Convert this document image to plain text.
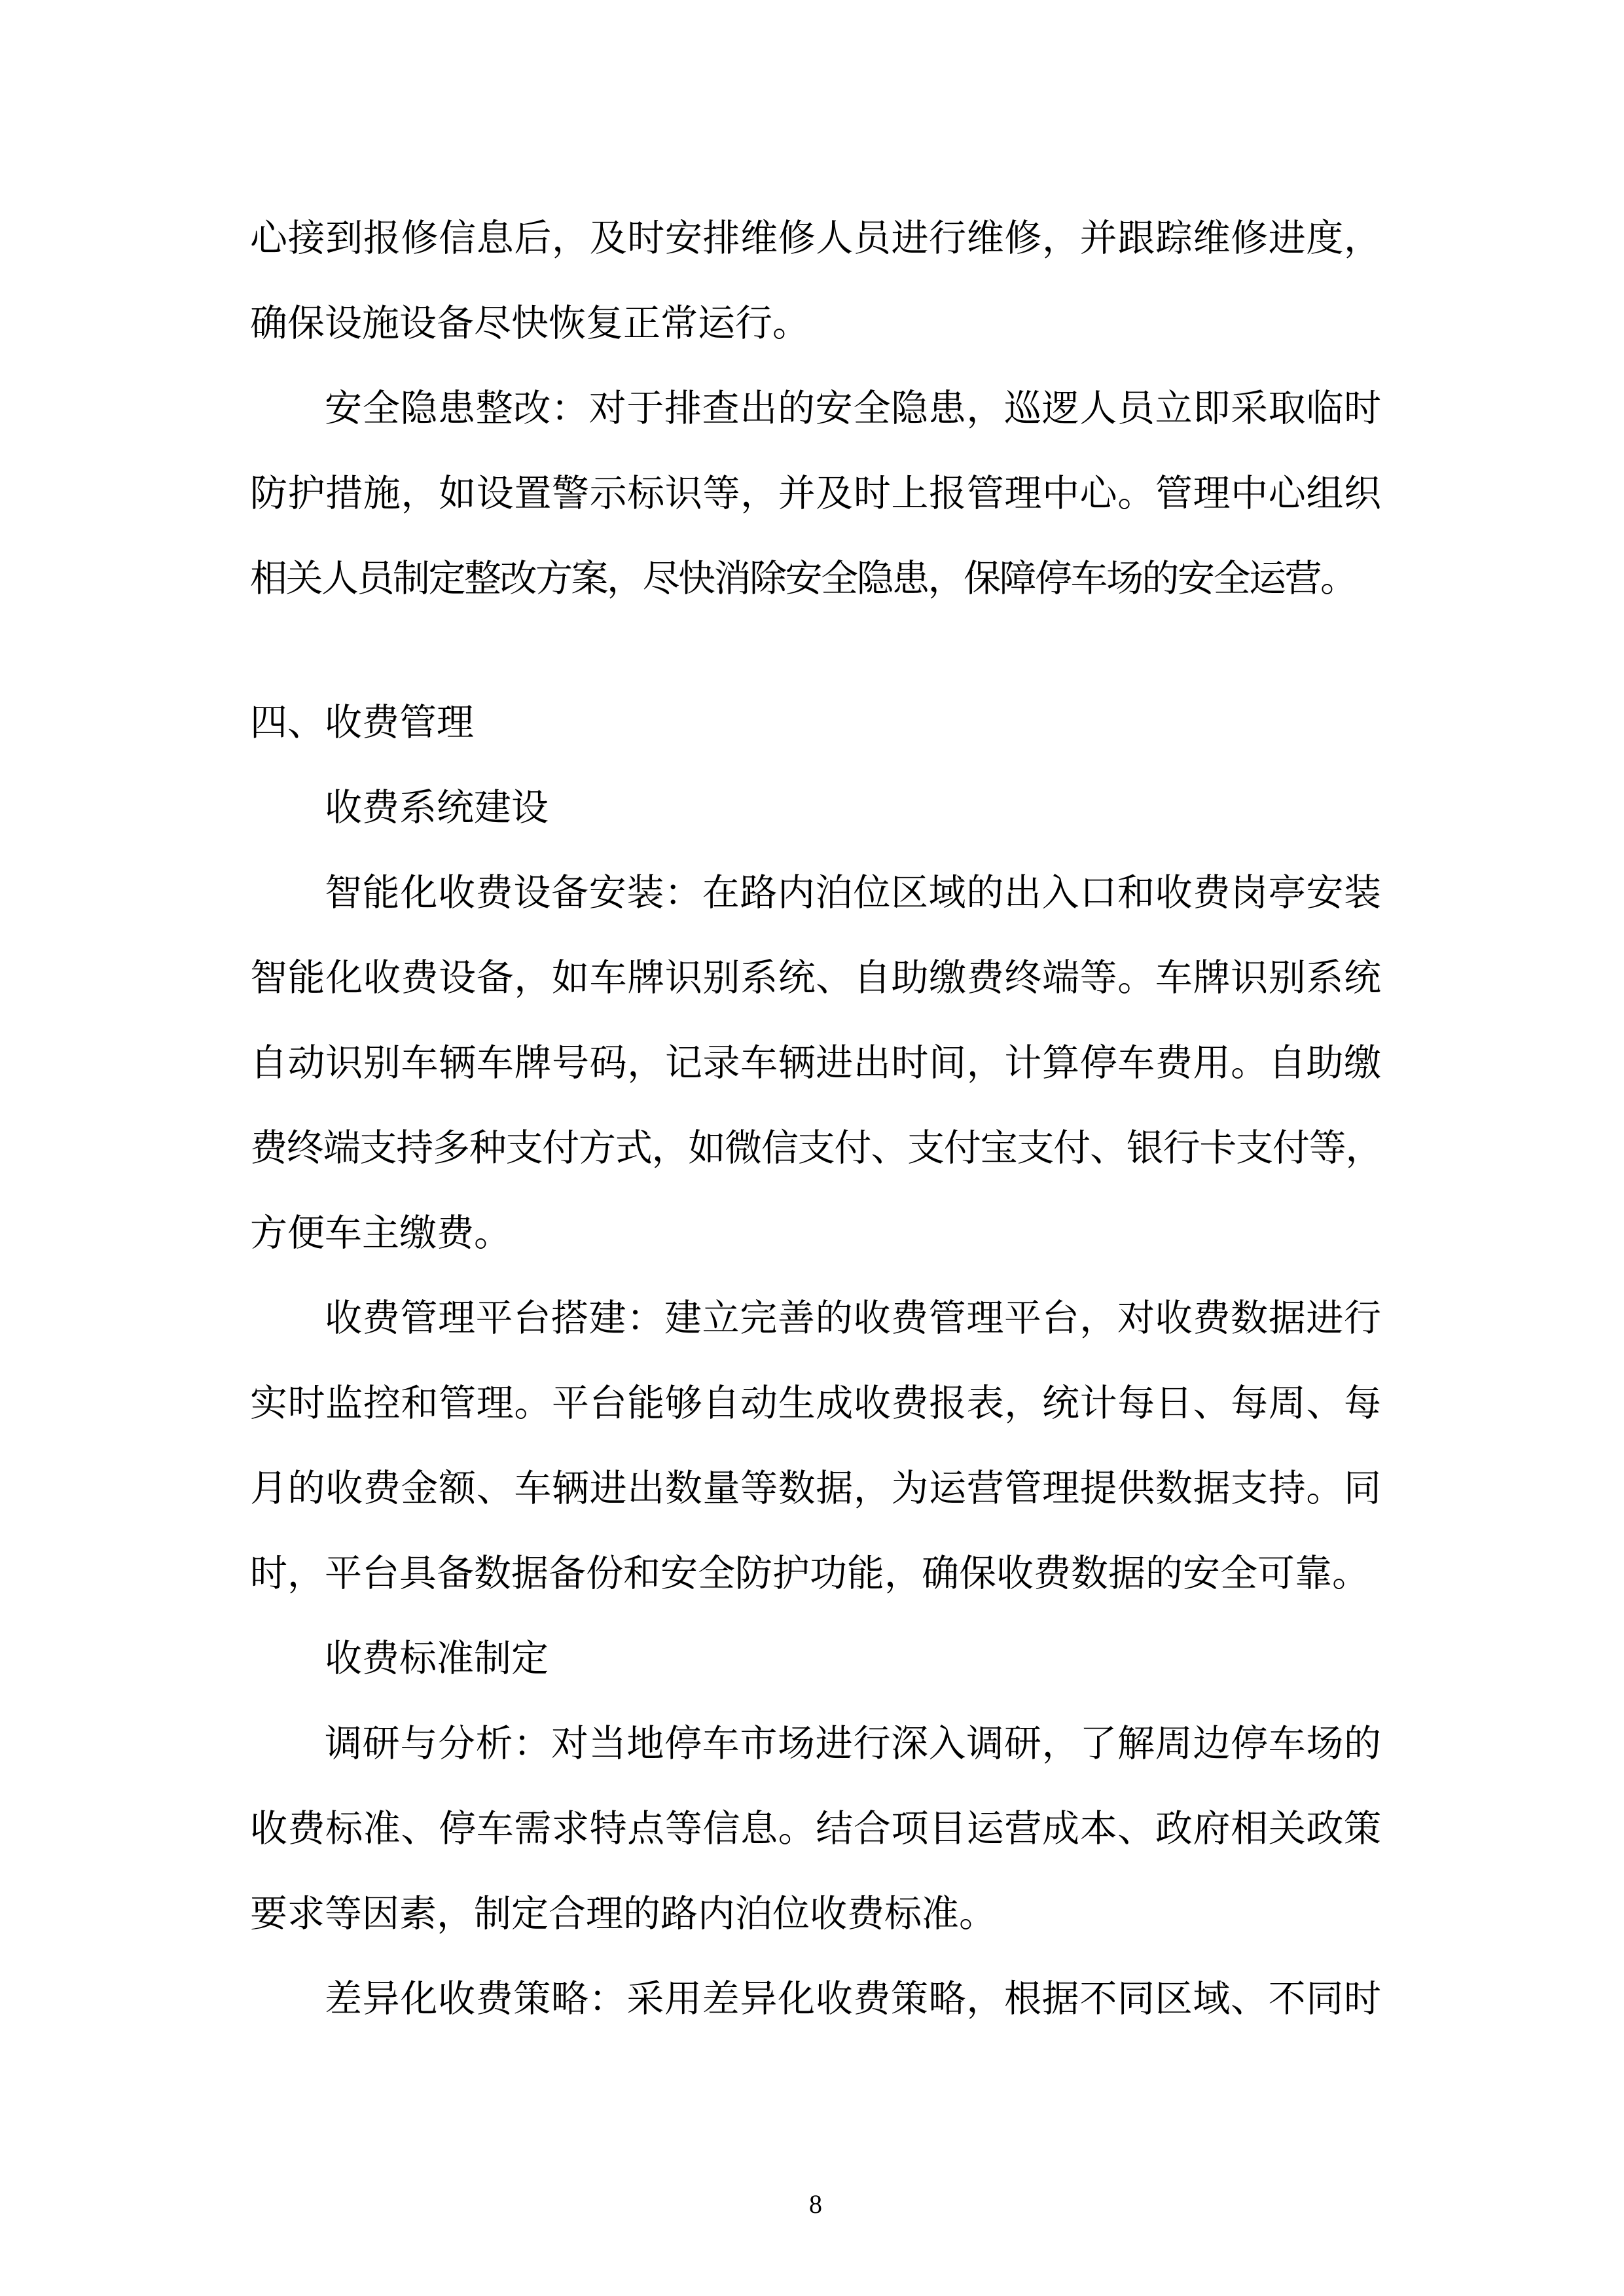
心接到报修信息后，及时安排维修人员进行维修，并跟踪维修进度，
确保设施设备尽快恢复正常运行。
安全隐患整改：对于排查出的安全隐患，巡逻人员立即采取临时
防护措施，如设置警示标识等，并及时上报管理中心。管理中心组织
相关人员制定整改方案，尽快消除安全隐患，保障停车场的安全运营。
四、收费管理
收费系统建设
智能化收费设备安装：在路内泊位区域的出入口和收费岗亭安装
智能化收费设备，如车牌识别系统、自助缴费终端等。车牌识别系统
自动识别车辆车牌号码，记录车辆进出时间，计算停车费用。自助缴
费终端支持多种支付方式，如微信支付、支付宝支付、银行卡支付等，
方便车主缴费。
收费管理平台搭建：建立完善的收费管理平台，对收费数据进行
实时监控和管理。平台能够自动生成收费报表，统计每日、每周、每
月的收费金额、车辆进出数量等数据，为运营管理提供数据支持。同
时，平台具备数据备份和安全防护功能，确保收费数据的安全可靠。
收费标准制定
调研与分析：对当地停车市场进行深入调研，了解周边停车场的
收费标准、停车需求特点等信息。结合项目运营成本、政府相关政策
要求等因素，制定合理的路内泊位收费标准。
差异化收费策略：采用差异化收费策略，根据不同区域、不同时
8
